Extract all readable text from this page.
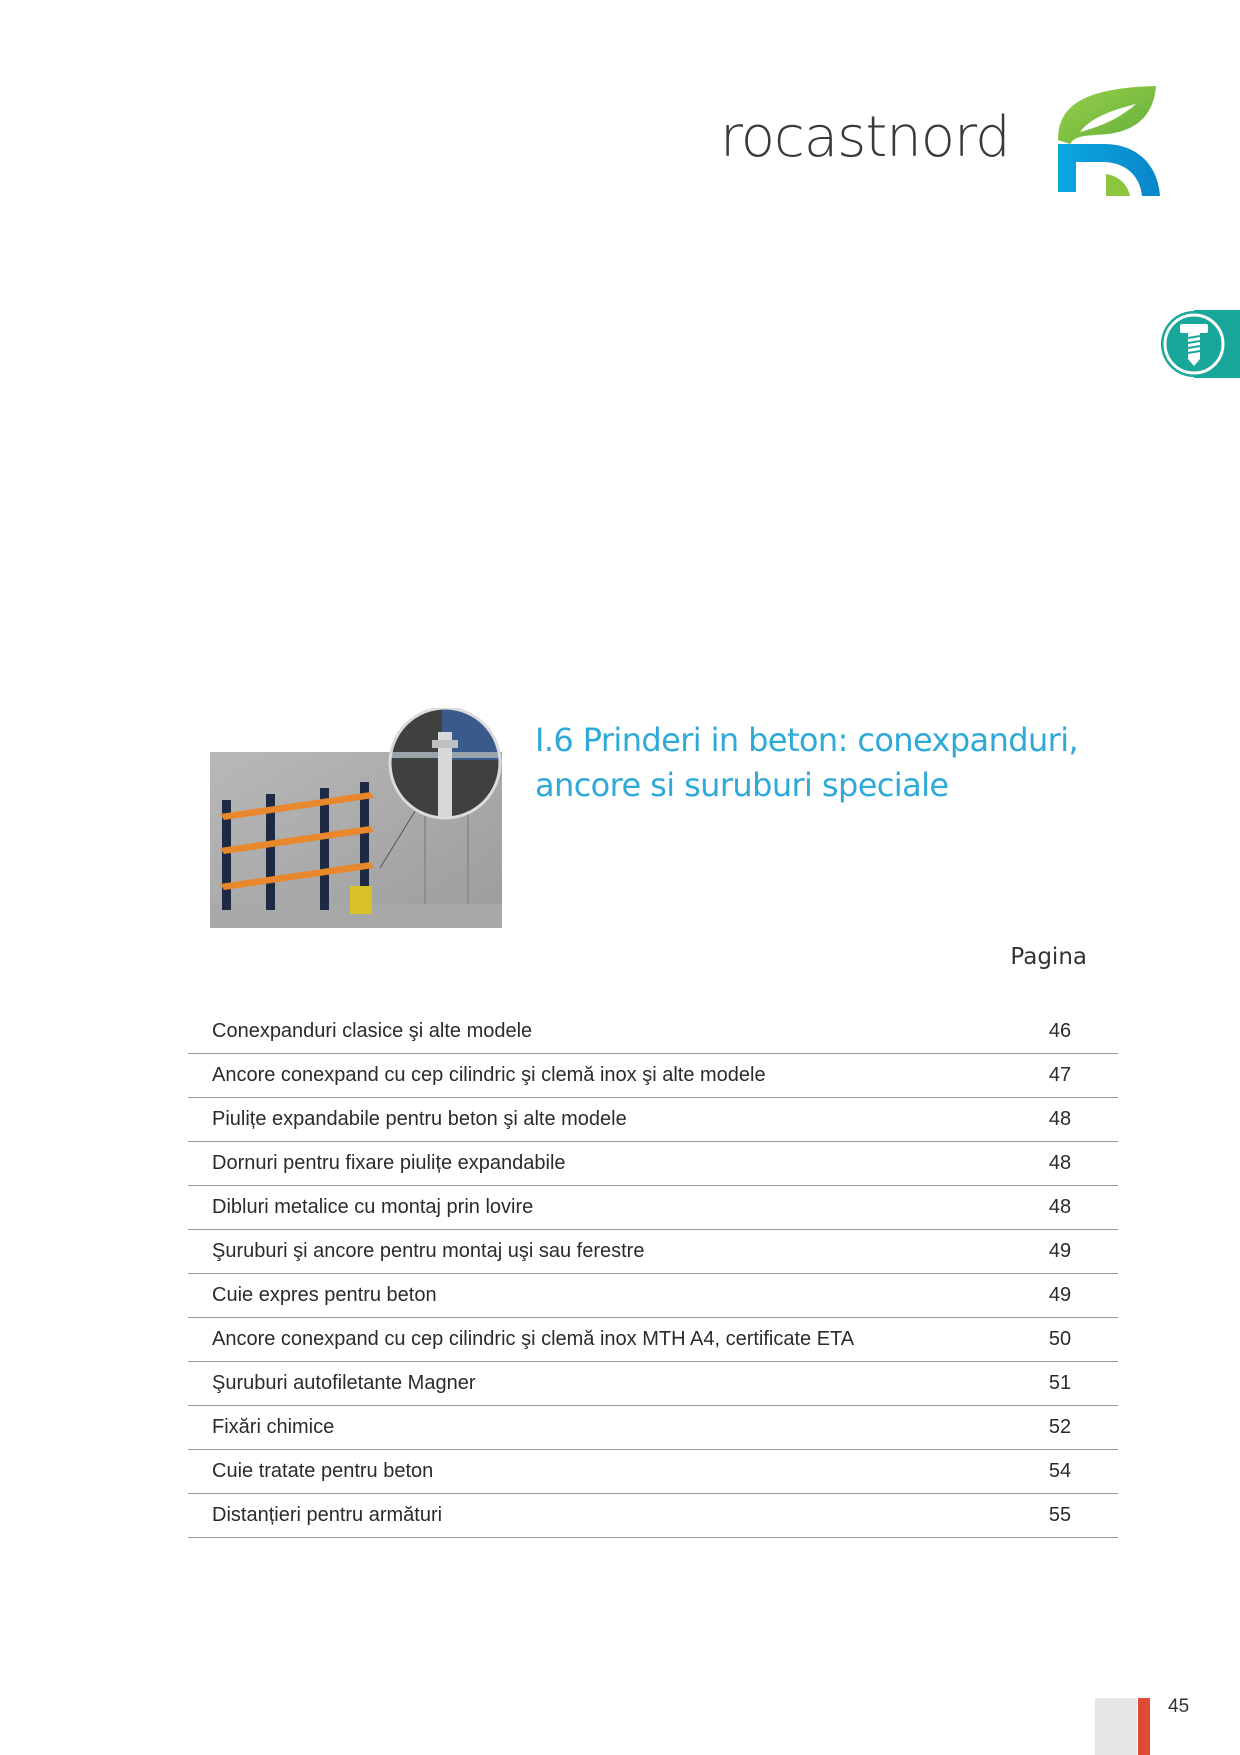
rocastnord
I.6 Prinderi in beton: conexpanduri,
ancore si suruburi speciale
Pagina
Conexpanduri clasice şi alte modele	46
Ancore conexpand cu cep cilindric şi clemă inox şi alte modele	47
Piulițe expandabile pentru beton şi alte modele	48
Dornuri pentru fixare piulițe expandabile	48
Dibluri metalice cu montaj prin lovire	48
Şuruburi şi ancore pentru montaj uşi sau ferestre	49
Cuie expres pentru beton	49
Ancore conexpand cu cep cilindric şi clemă inox MTH A4, certificate ETA	50
Şuruburi autofiletante Magner	51
Fixări chimice	52
Cuie tratate pentru beton	54
Distanțieri pentru armături	55
45
